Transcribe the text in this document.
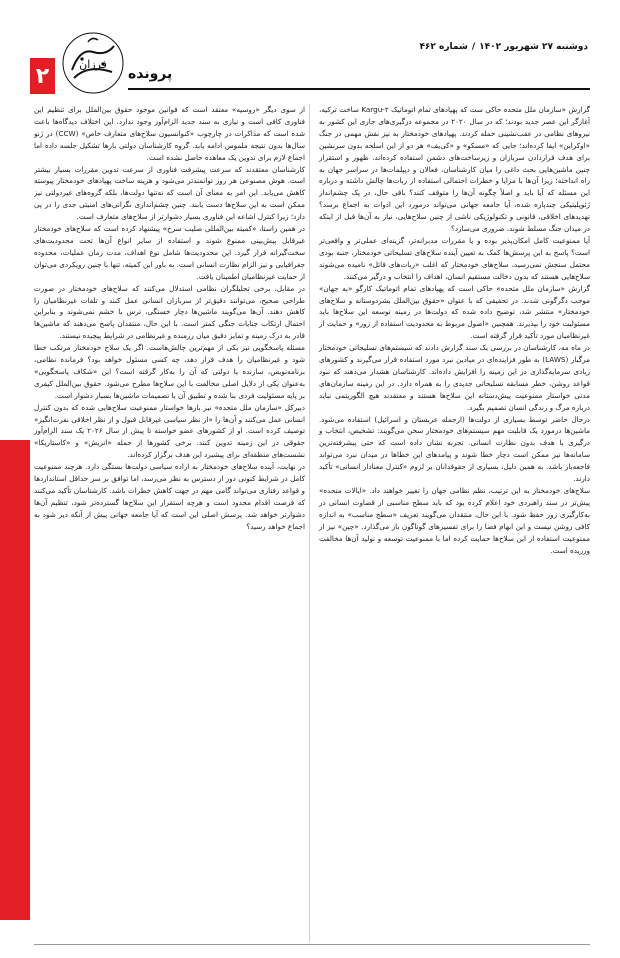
۲	فرزان
پرونده
دوشنبه ۲۷ شهریور ۱۴۰۲/شماره ۴۶۲

گزارش «سازمان ملل متحده حاکی ست که پهپادهای تمام اتوماتیک Kargu-۲ ساخت ترکیه، آغازگر این عصر جدید بودند؛ که در سال ۲۰۲۰ در مجموعه درگیری‌های جاری این کشور به نیروهای نظامی در عقب‌نشینی حمله کردند. پهپادهای خودمختار به نیز نقش مهمی در جنگ «اوکراین» ایفا کرده‌اند؛ جایی که «مسکو» و «کی‌یف» هر دو از این اسلحه بدون سرنشین برای هدف قراردادن سربازان و زیرساخت‌های دشمن استفاده کرده‌اند. ظهور و استقرار چنین ماشین‌هایی بحث داغی را میان کارشناسان، فعالان و دیپلمات‌ها در سراسر جهان به راه انداخته؛ زیرا آن‌ها با مزایا و خطرات احتمالی استفاده از ربات‌ها چالش داشته و درباره این مسئله که آیا باید و اصلاً چگونه آن‌ها را متوقف کنند؟ باقی حال، در یک چشم‌انداز ژئوپلیتیکی چندپاره شده، آیا جامعه جهانی می‌تواند درمورد این ادوات به اجماع برسد؟ تهدیدهای اخلاقی، قانونی و تکنولوژیکی ناشی از چنین سلاح‌هایی، نیاز به آن‌ها قبل از اینکه در میدان جنگ مسلط شوند، ضروری می‌سازد؟

آیا ممنوعیت کامل امکان‌پذیر بوده و یا مقررات مدبرانه‌تر، گزینه‌ای عملی‌تر و واقعی‌تر است؟ پاسخ به این پرسش‌ها کمک به تعیین آینده سلاح‌های تسلیحاتی خودمختار، جنبه بودی محتمل سنجش نمی‌رسید. سلاح‌های خودمختار که اغلب «ربات‌های قاتل» نامیده می‌شوند سلاح‌هایی هستند که بدون دخالت مستقیم انسان، اهداف را انتخاب و درگیر می‌کنند.

گزارش «سازمان ملل متحده» حاکی است که پهپادهای تمام اتوماتیک کارگو «به جهان» موجب دگرگونی شدند. در تحقیقی که با عنوان «حقوق بین‌الملل بشردوستانه و سلاح‌های خودمختار» منتشر شد، توضیح داده شده که دولت‌ها در زمینه توسعه این سلاح‌ها باید مسئولیت خود را بپذیرند. همچنین «اصول مربوط به محدودیت استفاده از زور» و حمایت از غیرنظامیان مورد تأکید قرار گرفته است.

در ماه مه، کارشناسان در بررسی یک سند گزارش دادند که سیستم‌های تسلیحاتی خودمختار مرگبار (LAWS) به طور فزاینده‌ای در میادین نبرد مورد استفاده قرار می‌گیرند و کشورهای زیادی سرمایه‌گذاری در این زمینه را افزایش داده‌اند. کارشناسان هشدار می‌دهند که نبود قواعد روشن، خطر مسابقه تسلیحاتی جدیدی را به همراه دارد. در این زمینه سازمان‌های مدنی خواستار ممنوعیت پیش‌دستانه این سلاح‌ها هستند و معتقدند هیچ الگوریتمی نباید درباره مرگ و زندگی انسان تصمیم بگیرد.

درحال حاضر توسط بسیاری از دولت‌ها (ازجمله عربستان و اسرائیل) استفاده می‌شود. ماشین‌ها درمورد یک قابلیت مهم سیستم‌های خودمختار سخن می‌گویند: تشخیص، انتخاب و درگیری با هدف بدون نظارت انسانی. تجربه نشان داده است که حتی پیشرفته‌ترین سامانه‌ها نیز ممکن است دچار خطا شوند و پیامدهای این خطاها در میدان نبرد می‌تواند فاجعه‌بار باشد. به همین دلیل، بسیاری از حقوقدانان بر لزوم «کنترل معنادار انسانی» تأکید دارند.

سلاح‌های خودمختار به این ترتیب، نظم نظامی جهان را تغییر خواهند داد. «ایالات متحده» پیش‌تر در سند راهبردی خود اعلام کرده بود که باید سطح مناسبی از قضاوت انسانی در به‌کارگیری زور حفظ شود. با این حال، منتقدان می‌گویند تعریف «سطح مناسب» به اندازه کافی روشن نیست و این ابهام فضا را برای تفسیرهای گوناگون باز می‌گذارد. «چین» نیز از ممنوعیت استفاده از این سلاح‌ها حمایت کرده اما با ممنوعیت توسعه و تولید آن‌ها مخالفت ورزیده است.

از سوی دیگر «روسیه» معتقد است که قوانین موجود حقوق بین‌الملل برای تنظیم این فناوری کافی است و نیازی به سند جدید الزام‌آور وجود ندارد. این اختلاف دیدگاه‌ها باعث شده است که مذاکرات در چارچوب «کنوانسیون سلاح‌های متعارف خاص» (CCW) در ژنو سال‌ها بدون نتیجه ملموس ادامه یابد. گروه کارشناسان دولتی بارها تشکیل جلسه داده اما اجماع لازم برای تدوین یک معاهده حاصل نشده است.

کارشناسان معتقدند که سرعت پیشرفت فناوری از سرعت تدوین مقررات بسیار بیشتر است. هوش مصنوعی هر روز توانمندتر می‌شود و هزینه ساخت پهپادهای خودمختار پیوسته کاهش می‌یابد. این امر به معنای آن است که نه‌تنها دولت‌ها، بلکه گروه‌های غیردولتی نیز ممکن است به این سلاح‌ها دست یابند. چنین چشم‌اندازی نگرانی‌های امنیتی جدی را در پی دارد؛ زیرا کنترل اشاعه این فناوری بسیار دشوارتر از سلاح‌های متعارف است.

در همین راستا، «کمیته بین‌المللی صلیب سرخ» پیشنهاد کرده است که سلاح‌های خودمختار غیرقابل پیش‌بینی ممنوع شوند و استفاده از سایر انواع آن‌ها تحت محدودیت‌های سخت‌گیرانه قرار گیرد. این محدودیت‌ها شامل نوع اهداف، مدت زمان عملیات، محدوده جغرافیایی و نیز الزام نظارت انسانی است. به باور این کمیته، تنها با چنین رویکردی می‌توان از حمایت غیرنظامیان اطمینان یافت.

در مقابل، برخی تحلیلگران نظامی استدلال می‌کنند که سلاح‌های خودمختار در صورت طراحی صحیح، می‌توانند دقیق‌تر از سربازان انسانی عمل کنند و تلفات غیرنظامیان را کاهش دهند. آن‌ها می‌گویند ماشین‌ها دچار خستگی، ترس یا خشم نمی‌شوند و بنابراین احتمال ارتکاب جنایات جنگی کمتر است. با این حال، منتقدان پاسخ می‌دهند که ماشین‌ها قادر به درک زمینه و تمایز دقیق میان رزمنده و غیرنظامی در شرایط پیچیده نیستند.

مسئله پاسخگویی نیز یکی از مهم‌ترین چالش‌هاست. اگر یک سلاح خودمختار مرتکب خطا شود و غیرنظامیان را هدف قرار دهد، چه کسی مسئول خواهد بود؟ فرمانده نظامی، برنامه‌نویس، سازنده یا دولتی که آن را به‌کار گرفته است؟ این «شکاف پاسخگویی» به‌عنوان یکی از دلایل اصلی مخالفت با این سلاح‌ها مطرح می‌شود. حقوق بین‌الملل کیفری بر پایه مسئولیت فردی بنا شده و تطبیق آن با تصمیمات ماشین‌ها بسیار دشوار است.

دبیرکل «سازمان ملل متحده» نیز بارها خواستار ممنوعیت سلاح‌هایی شده که بدون کنترل انسانی عمل می‌کنند و آن‌ها را «از نظر سیاسی غیرقابل قبول و از نظر اخلاقی نفرت‌انگیز» توصیف کرده است. او از کشورهای عضو خواسته تا پیش از سال ۲۰۲۶ یک سند الزام‌آور حقوقی در این زمینه تدوین کنند. برخی کشورها از جمله «اتریش» و «کاستاریکا» نشست‌های منطقه‌ای برای پیشبرد این هدف برگزار کرده‌اند.

در نهایت، آینده سلاح‌های خودمختار به اراده سیاسی دولت‌ها بستگی دارد. هرچند ممنوعیت کامل در شرایط کنونی دور از دسترس به نظر می‌رسد، اما توافق بر سر حداقل استانداردها و قواعد رفتاری می‌تواند گامی مهم در جهت کاهش خطرات باشد. کارشناسان تأکید می‌کنند که فرصت اقدام محدود است و هرچه استقرار این سلاح‌ها گسترده‌تر شود، تنظیم آن‌ها دشوارتر خواهد شد. پرسش اصلی این است که آیا جامعه جهانی پیش از آنکه دیر شود به اجماع خواهد رسید؟
